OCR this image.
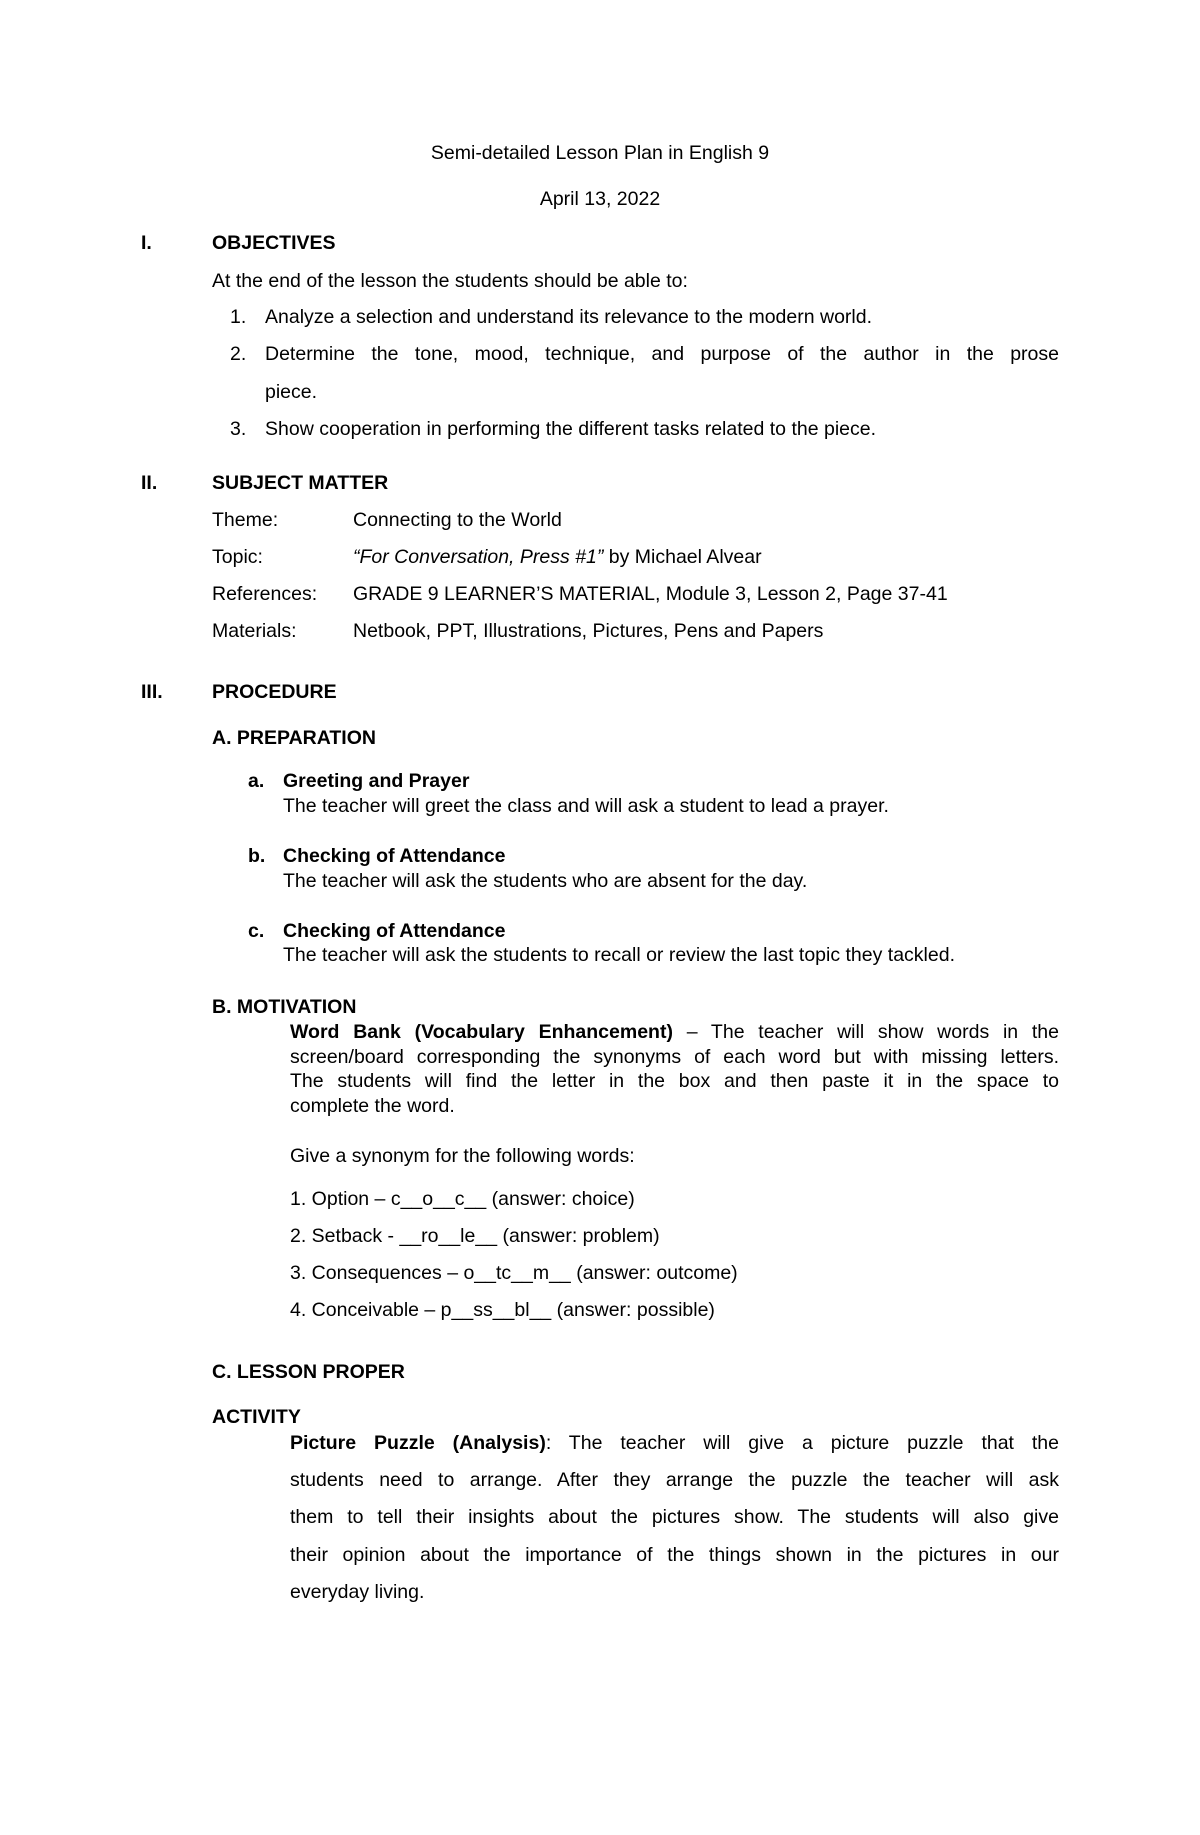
Semi-detailed Lesson Plan in English 9
April 13, 2022
I.	OBJECTIVES
At the end of the lesson the students should be able to:
1. Analyze a selection and understand its relevance to the modern world.
2. Determine the tone, mood, technique, and purpose of the author in the prose
piece.
3. Show cooperation in performing the different tasks related to the piece.
II.	SUBJECT MATTER
Theme:	Connecting to the World
Topic:	“For Conversation, Press #1” by Michael Alvear
References: GRADE 9 LEARNER’S MATERIAL, Module 3, Lesson 2, Page 37-41
Materials:	Netbook, PPT, Illustrations, Pictures, Pens and Papers
III.	PROCEDURE
A. PREPARATION
a. Greeting and Prayer
The teacher will greet the class and will ask a student to lead a prayer.
b. Checking of Attendance
The teacher will ask the students who are absent for the day.
c. Checking of Attendance
The teacher will ask the students to recall or review the last topic they tackled.
B. MOTIVATION
Word Bank (Vocabulary Enhancement) – The teacher will show words in the
screen/board corresponding the synonyms of each word but with missing letters.
The students will find the letter in the box and then paste it in the space to
complete the word.
Give a synonym for the following words:
1. Option – c__o__c__ (answer: choice)
2. Setback - __ro__le__ (answer: problem)
3. Consequences – o__tc__m__ (answer: outcome)
4. Conceivable – p__ss__bl__ (answer: possible)
C. LESSON PROPER
ACTIVITY
Picture Puzzle (Analysis): The teacher will give a picture puzzle that the
students need to arrange. After they arrange the puzzle the teacher will ask
them to tell their insights about the pictures show. The students will also give
their opinion about the importance of the things shown in the pictures in our
everyday living.
